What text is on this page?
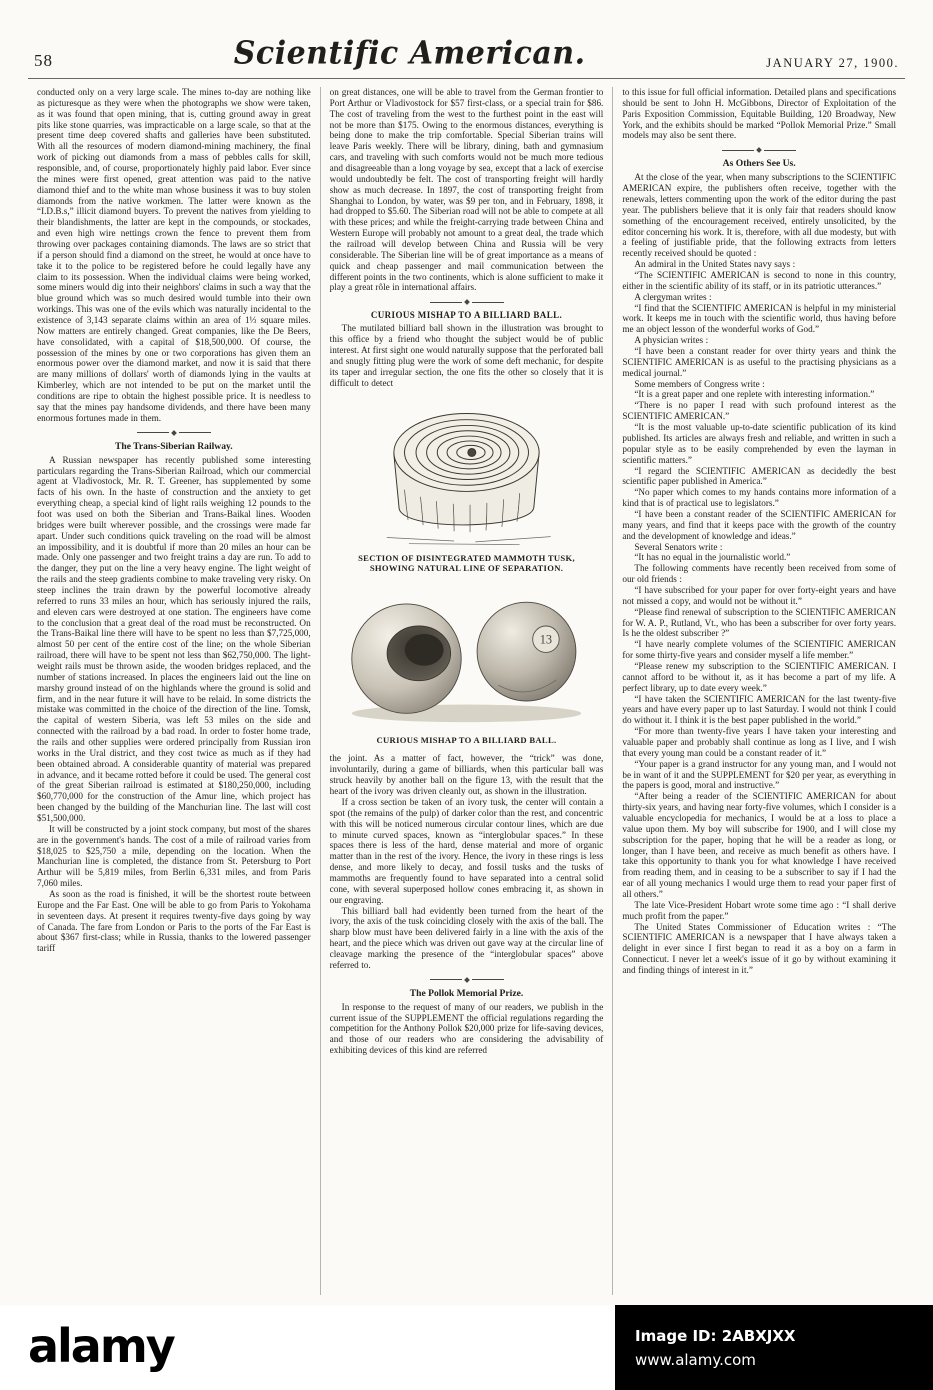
58	Scientific American.	JANUARY 27, 1900.

conducted only on a very large scale. The mines to-day are nothing like as picturesque as they were when the photographs we show were taken, as it was found that open mining, that is, cutting ground away in great pits like stone quarries, was impracticable on a large scale, so that at the present time deep covered shafts and galleries have been substituted. With all the resources of modern diamond-mining machinery, the final work of picking out diamonds from a mass of pebbles calls for skill, responsible, and, of course, proportionately highly paid labor. Ever since the mines were first opened, great attention was paid to the native diamond thief and to the white man whose business it was to buy stolen diamonds from the native workmen. The latter were known as the “I.D.B.s,” illicit diamond buyers. To prevent the natives from yielding to their blandishments, the latter are kept in the compounds, or stockades, and even high wire nettings crown the fence to prevent them from throwing over packages containing diamonds. The laws are so strict that if a person should find a diamond on the street, he would at once have to take it to the police to be registered before he could legally have any claim to its possession. When the individual claims were being worked, some miners would dig into their neighbors' claims in such a way that the blue ground which was so much desired would tumble into their own workings. This was one of the evils which was naturally incidental to the existence of 3,143 separate claims within an area of 1⅓ square miles. Now matters are entirely changed. Great companies, like the De Beers, have consolidated, with a capital of $18,500,000. Of course, the possession of the mines by one or two corporations has given them an enormous power over the diamond market, and now it is said that there are many millions of dollars' worth of diamonds lying in the vaults at Kimberley, which are not intended to be put on the market until the conditions are ripe to obtain the highest possible price. It is needless to say that the mines pay handsome dividends, and there have been many enormous fortunes made in them.

The Trans-Siberian Railway.

A Russian newspaper has recently published some interesting particulars regarding the Trans-Siberian Railroad, which our commercial agent at Vladivostock, Mr. R. T. Greener, has supplemented by some facts of his own. In the haste of construction and the anxiety to get everything cheap, a special kind of light rails weighing 12 pounds to the foot was used on both the Siberian and Trans-Baikal lines. Wooden bridges were built wherever possible, and the crossings were made far apart. Under such conditions quick traveling on the road will be almost an impossibility, and it is doubtful if more than 20 miles an hour can be made. Only one passenger and two freight trains a day are run. To add to the danger, they put on the line a very heavy engine. The light weight of the rails and the steep gradients combine to make traveling very risky. On steep inclines the train drawn by the powerful locomotive already referred to runs 33 miles an hour, which has seriously injured the rails, and eleven cars were destroyed at one station. The engineers have come to the conclusion that a great deal of the road must be reconstructed. On the Trans-Baikal line there will have to be spent no less than $7,725,000, almost 50 per cent of the entire cost of the line; on the whole Siberian railroad, there will have to be spent not less than $62,750,000. The light-weight rails must be thrown aside, the wooden bridges replaced, and the number of stations increased. In places the engineers laid out the line on marshy ground instead of on the highlands where the ground is solid and firm, and in the near future it will have to be relaid. In some districts the mistake was committed in the choice of the direction of the line. Tomsk, the capital of western Siberia, was left 53 miles on the side and connected with the railroad by a bad road. In order to foster home trade, the rails and other supplies were ordered principally from Russian iron works in the Ural district, and they cost twice as much as if they had been obtained abroad. A considerable quantity of material was prepared in advance, and it became rotted before it could be used. The general cost of the great Siberian railroad is estimated at $180,250,000, including $60,770,000 for the construction of the Amur line, which project has been changed by the building of the Manchurian line. The last will cost $51,500,000.

It will be constructed by a joint stock company, but most of the shares are in the government's hands. The cost of a mile of railroad varies from $18,025 to $25,750 a mile, depending on the location. When the Manchurian line is completed, the distance from St. Petersburg to Port Arthur will be 5,819 miles, from Berlin 6,331 miles, and from Paris 7,060 miles.

As soon as the road is finished, it will be the shortest route between Europe and the Far East. One will be able to go from Paris to Yokohama in seventeen days. At present it requires twenty-five days going by way of Canada. The fare from London or Paris to the ports of the Far East is about $367 first-class; while in Russia, thanks to the lowered passenger tariff

on great distances, one will be able to travel from the German frontier to Port Arthur or Vladivostock for $57 first-class, or a special train for $86. The cost of traveling from the west to the furthest point in the east will not be more than $175. Owing to the enormous distances, everything is being done to make the trip comfortable. Special Siberian trains will leave Paris weekly. There will be library, dining, bath and gymnasium cars, and traveling with such comforts would not be much more tedious and disagreeable than a long voyage by sea, except that a lack of exercise would undoubtedly be felt. The cost of transporting freight will hardly show as much decrease. In 1897, the cost of transporting freight from Shanghai to London, by water, was $9 per ton, and in February, 1898, it had dropped to $5.60. The Siberian road will not be able to compete at all with these prices; and while the freight-carrying trade between China and Western Europe will probably not amount to a great deal, the trade which the railroad will develop between China and Russia will be very considerable. The Siberian line will be of great importance as a means of quick and cheap passenger and mail communication between the different points in the two continents, which is alone sufficient to make it play a great rôle in international affairs.

CURIOUS MISHAP TO A BILLIARD BALL.

The mutilated billiard ball shown in the illustration was brought to this office by a friend who thought the subject would be of public interest. At first sight one would naturally suppose that the perforated ball and snugly fitting plug were the work of some deft mechanic, for despite its taper and irregular section, the one fits the other so closely that it is difficult to detect

SECTION OF DISINTEGRATED MAMMOTH TUSK,
SHOWING NATURAL LINE OF SEPARATION.
13
CURIOUS MISHAP TO A BILLIARD BALL.

the joint. As a matter of fact, however, the “trick” was done, involuntarily, during a game of billiards, when this particular ball was struck heavily by another ball on the figure 13, with the result that the heart of the ivory was driven cleanly out, as shown in the illustration.

If a cross section be taken of an ivory tusk, the center will contain a spot (the remains of the pulp) of darker color than the rest, and concentric with this will be noticed numerous circular contour lines, which are due to minute curved spaces, known as “interglobular spaces.” In these spaces there is less of the hard, dense material and more of organic matter than in the rest of the ivory. Hence, the ivory in these rings is less dense, and more likely to decay, and fossil tusks and the tusks of mammoths are frequently found to have separated into a central solid cone, with several superposed hollow cones embracing it, as shown in our engraving.

This billiard ball had evidently been turned from the heart of the ivory, the axis of the tusk coinciding closely with the axis of the ball. The sharp blow must have been delivered fairly in a line with the axis of the heart, and the piece which was driven out gave way at the circular line of cleavage marking the presence of the “interglobular spaces” above referred to.

The Pollok Memorial Prize.

In response to the request of many of our readers, we publish in the current issue of the SUPPLEMENT the official regulations regarding the competition for the Anthony Pollok $20,000 prize for life-saving devices, and those of our readers who are considering the advisability of exhibiting devices of this kind are referred

to this issue for full official information. Detailed plans and specifications should be sent to John H. McGibbons, Director of Exploitation of the Paris Exposition Commission, Equitable Building, 120 Broadway, New York, and the exhibits should be marked “Pollok Memorial Prize.” Small models may also be sent there.

As Others See Us.

At the close of the year, when many subscriptions to the SCIENTIFIC AMERICAN expire, the publishers often receive, together with the renewals, letters commenting upon the work of the editor during the past year. The publishers believe that it is only fair that readers should know something of the encouragement received, entirely unsolicited, by the editor concerning his work. It is, therefore, with all due modesty, but with a feeling of justifiable pride, that the following extracts from letters recently received should be quoted :

An admiral in the United States navy says :

“The SCIENTIFIC AMERICAN is second to none in this country, either in the scientific ability of its staff, or in its patriotic utterances.”

A clergyman writes :

“I find that the SCIENTIFIC AMERICAN is helpful in my ministerial work. It keeps me in touch with the scientific world, thus having before me an object lesson of the wonderful works of God.”

A physician writes :

“I have been a constant reader for over thirty years and think the SCIENTIFIC AMERICAN is as useful to the practising physicians as a medical journal.”

Some members of Congress write :

“It is a great paper and one replete with interesting information.”

“There is no paper I read with such profound interest as the SCIENTIFIC AMERICAN.”

“It is the most valuable up-to-date scientific publication of its kind published. Its articles are always fresh and reliable, and written in such a popular style as to be easily comprehended by even the layman in scientific matters.”

“I regard the SCIENTIFIC AMERICAN as decidedly the best scientific paper published in America.”

“No paper which comes to my hands contains more information of a kind that is of practical use to legislators.”

“I have been a constant reader of the SCIENTIFIC AMERICAN for many years, and find that it keeps pace with the growth of the country and the development of knowledge and ideas.”

Several Senators write :

“It has no equal in the journalistic world.”

The following comments have recently been received from some of our old friends :

“I have subscribed for your paper for over forty-eight years and have not missed a copy, and would not be without it.”

“Please find renewal of subscription to the SCIENTIFIC AMERICAN for W. A. P., Rutland, Vt., who has been a subscriber for over forty years. Is he the oldest subscriber ?”

“I have nearly complete volumes of the SCIENTIFIC AMERICAN for some thirty-five years and consider myself a life member.”

“Please renew my subscription to the SCIENTIFIC AMERICAN. I cannot afford to be without it, as it has become a part of my life. A perfect library, up to date every week.”

“I have taken the SCIENTIFIC AMERICAN for the last twenty-five years and have every paper up to last Saturday. I would not think I could do without it. I think it is the best paper published in the world.”

“For more than twenty-five years I have taken your interesting and valuable paper and probably shall continue as long as I live, and I wish that every young man could be a constant reader of it.”

“Your paper is a grand instructor for any young man, and I would not be in want of it and the SUPPLEMENT for $20 per year, as everything in the papers is good, moral and instructive.”

“After being a reader of the SCIENTIFIC AMERICAN for about thirty-six years, and having near forty-five volumes, which I consider is a valuable encyclopedia for mechanics, I would be at a loss to place a value upon them. My boy will subscribe for 1900, and I will close my subscription for the paper, hoping that he will be a reader as long, or longer, than I have been, and receive as much benefit as others have. I take this opportunity to thank you for what knowledge I have received from reading them, and in ceasing to be a subscriber to say if I had the ear of all young mechanics I would urge them to read your paper first of all others.”

The late Vice-President Hobart wrote some time ago : “I shall derive much profit from the paper.”

The United States Commissioner of Education writes : “The SCIENTIFIC AMERICAN is a newspaper that I have always taken a delight in ever since I first began to read it as a boy on a farm in Connecticut. I never let a week's issue of it go by without examining it and finding things of interest in it.”

alamy	Image ID: 2ABXJXX
www.alamy.com
